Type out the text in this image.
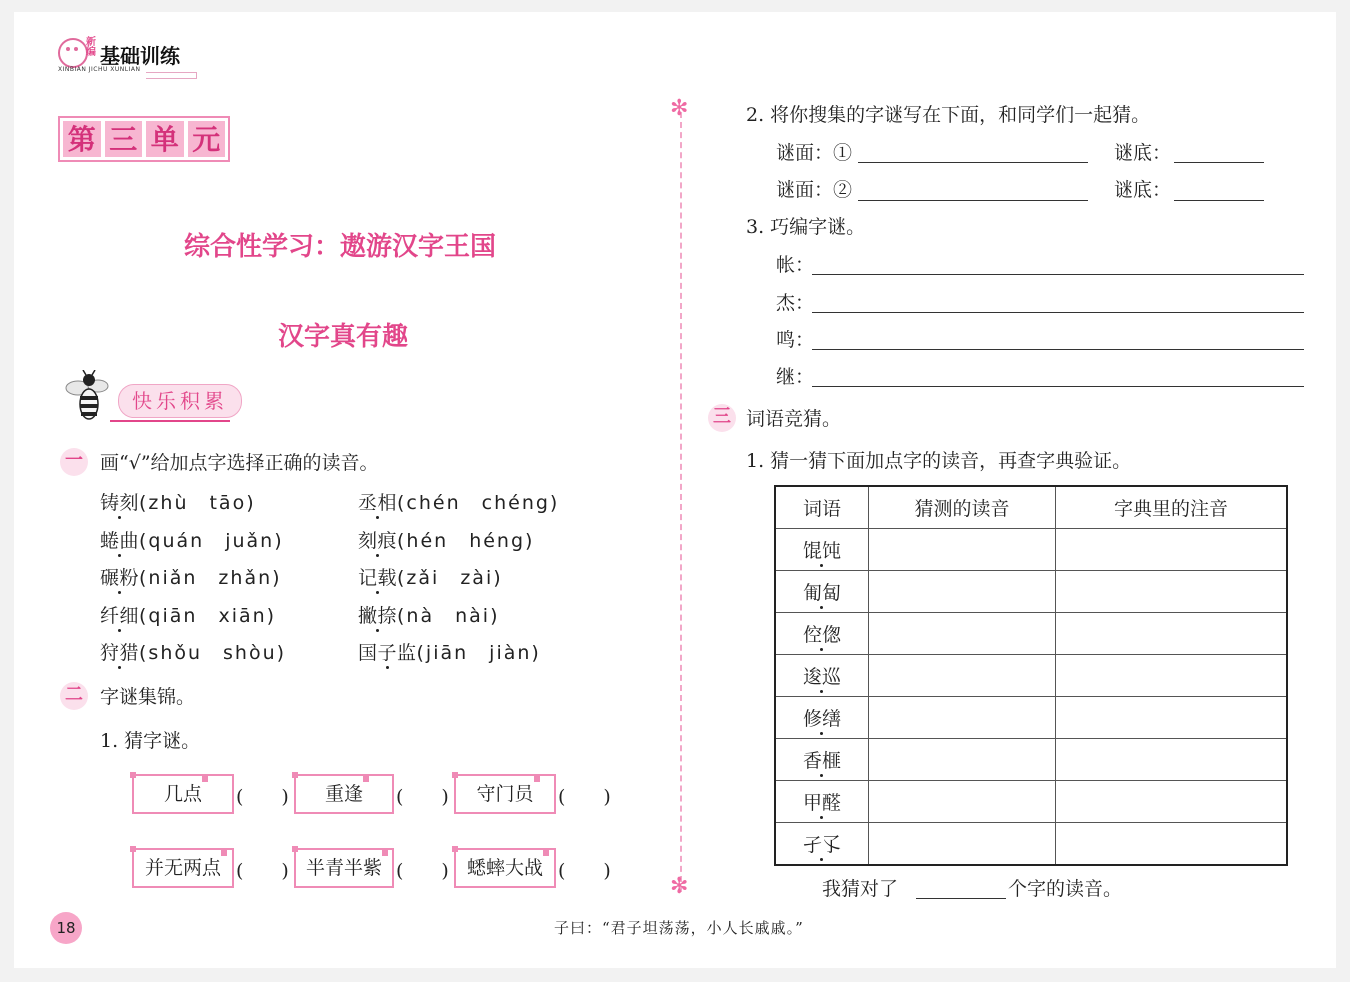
新编 基础训练
XINBIAN JICHU XUNLIAN
第 三 单 元
综合性学习：遨游汉字王国
汉字真有趣
快乐积累
一 画“√”给加点字选择正确的读音。
铸刻(zhù　tāo)	丞相(chén　chéng)
蜷曲(quán　juǎn)	刻痕(hén　héng)
碾粉(niǎn　zhǎn)	记载(zǎi　zài)
纤细(qiān　xiān)	撇捺(nà　nài)
狩猎(shǒu　shòu)	国子监(jiān　jiàn)
二 字谜集锦。
1. 猜字谜。
几点	(　　)	重逢	(　　)	守门员	(　　)
并无两点 (　　) 半青半紫 (　　) 蟋蟀大战 (　　)
✻
✻
2. 将你搜集的字谜写在下面，和同学们一起猜。
谜面：①	谜底：
谜面：②	谜底：
3. 巧编字谜。
帐：
杰：
鸣：
继：
三 词语竞猜。
1. 猜一猜下面加点字的读音，再查字典验证。
词语	猜测的读音	字典里的注音
馄饨		
匍匐		
倥偬		
逡巡		
修缮		
香榧		
甲醛		
孑孓		
我猜对了	个字的读音。
18	子曰：“君子坦荡荡，小人长戚戚。”
